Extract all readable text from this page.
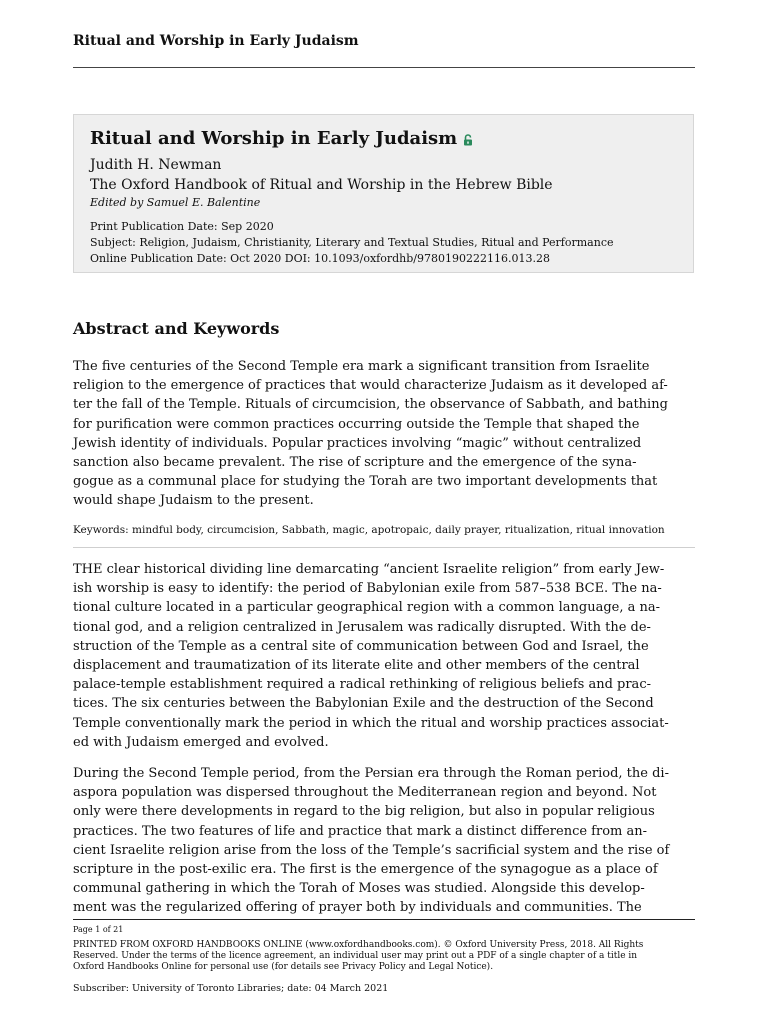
Ritual and Worship in Early Judaism
Ritual and Worship in Early Judaism
Judith H. Newman
The Oxford Handbook of Ritual and Worship in the Hebrew Bible
Edited by Samuel E. Balentine
Print Publication Date: Sep 2020
Subject: Religion, Judaism, Christianity, Literary and Textual Studies, Ritual and Performance
Online Publication Date: Oct 2020 DOI: 10.1093/oxfordhb/9780190222116.013.28
Abstract and Keywords
The five centuries of the Second Temple era mark a significant transition from Israelite
religion to the emergence of practices that would characterize Judaism as it developed af-
ter the fall of the Temple. Rituals of circumcision, the observance of Sabbath, and bathing
for purification were common practices occurring outside the Temple that shaped the
Jewish identity of individuals. Popular practices involving “magic” without centralized
sanction also became prevalent. The rise of scripture and the emergence of the syna-
gogue as a communal place for studying the Torah are two important developments that
would shape Judaism to the present.
Keywords: mindful body, circumcision, Sabbath, magic, apotropaic, daily prayer, ritualization, ritual innovation
THE clear historical dividing line demarcating “ancient Israelite religion” from early Jew-
ish worship is easy to identify: the period of Babylonian exile from 587–538 BCE. The na-
tional culture located in a particular geographical region with a common language, a na-
tional god, and a religion centralized in Jerusalem was radically disrupted. With the de-
struction of the Temple as a central site of communication between God and Israel, the
displacement and traumatization of its literate elite and other members of the central
palace-temple establishment required a radical rethinking of religious beliefs and prac-
tices. The six centuries between the Babylonian Exile and the destruction of the Second
Temple conventionally mark the period in which the ritual and worship practices associat-
ed with Judaism emerged and evolved.
During the Second Temple period, from the Persian era through the Roman period, the di-
aspora population was dispersed throughout the Mediterranean region and beyond. Not
only were there developments in regard to the big religion, but also in popular religious
practices. The two features of life and practice that mark a distinct difference from an-
cient Israelite religion arise from the loss of the Temple’s sacrificial system and the rise of
scripture in the post-exilic era. The first is the emergence of the synagogue as a place of
communal gathering in which the Torah of Moses was studied. Alongside this develop-
ment was the regularized offering of prayer both by individuals and communities. The
Page 1 of 21
PRINTED FROM OXFORD HANDBOOKS ONLINE (www.oxfordhandbooks.com). © Oxford University Press, 2018. All Rights
Reserved. Under the terms of the licence agreement, an individual user may print out a PDF of a single chapter of a title in
Oxford Handbooks Online for personal use (for details see Privacy Policy and Legal Notice).
Subscriber: University of Toronto Libraries; date: 04 March 2021
